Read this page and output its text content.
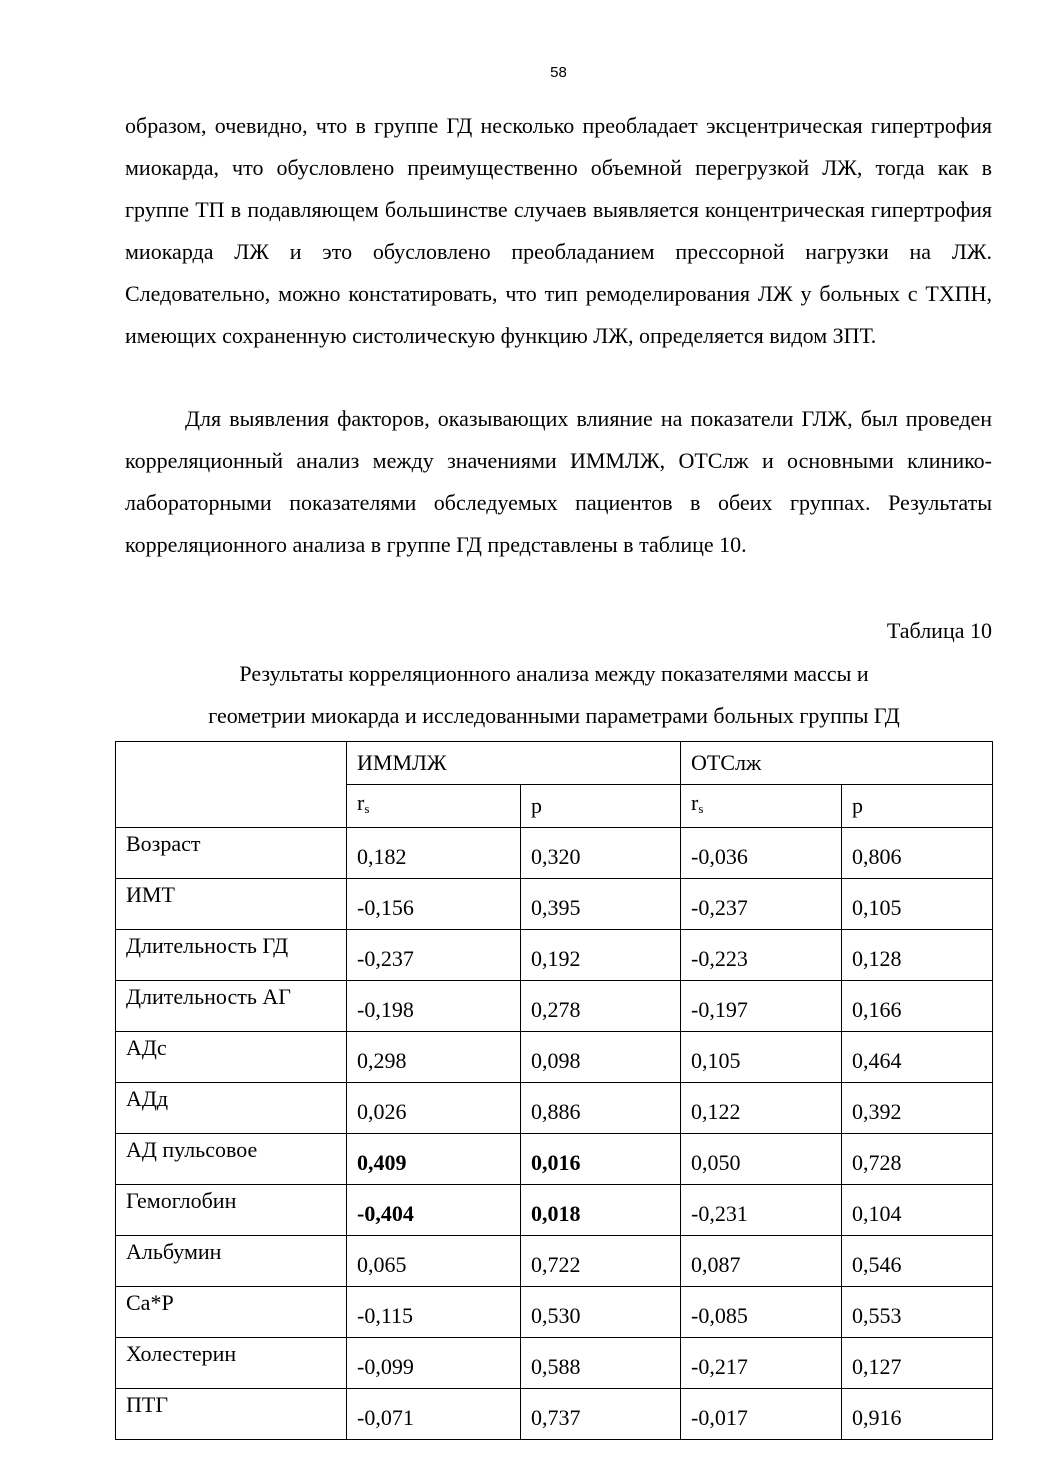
58

образом, очевидно, что в группе ГД несколько преобладает эксцентрическая гипертрофия миокарда, что обусловлено преимущественно объемной перегрузкой ЛЖ, тогда как в группе ТП в подавляющем большинстве случаев выявляется концентрическая гипертрофия миокарда ЛЖ и это обусловлено преобладанием прессорной нагрузки на ЛЖ. Следовательно, можно констатировать, что тип ремоделирования ЛЖ у больных с ТХПН, имеющих сохраненную систолическую функцию ЛЖ, определяется видом ЗПТ.

Для выявления факторов, оказывающих влияние на показатели ГЛЖ, был проведен корреляционный анализ между значениями ИММЛЖ, ОТСлж и основными клинико-лабораторными показателями обследуемых пациентов в обеих группах. Результаты корреляционного анализа в группе ГД представлены в таблице 10.

Таблица 10

Результаты корреляционного анализа между показателями массы и
геометрии миокарда и исследованными параметрами больных группы ГД

	ИММЛЖ		ОТСлж	
	$r_s$	p	$r_s$	p
Возраст	0,182	0,320	-0,036	0,806
ИМТ	-0,156	0,395	-0,237	0,105
Длительность ГД	-0,237	0,192	-0,223	0,128
Длительность АГ	-0,198	0,278	-0,197	0,166
АДс	0,298	0,098	0,105	0,464
АДд	0,026	0,886	0,122	0,392
АД пульсовое	0,409	0,016	0,050	0,728
Гемоглобин	-0,404	0,018	-0,231	0,104
Альбумин	0,065	0,722	0,087	0,546
Са*Р	-0,115	0,530	-0,085	0,553
Холестерин	-0,099	0,588	-0,217	0,127
ПТГ	-0,071	0,737	-0,017	0,916
